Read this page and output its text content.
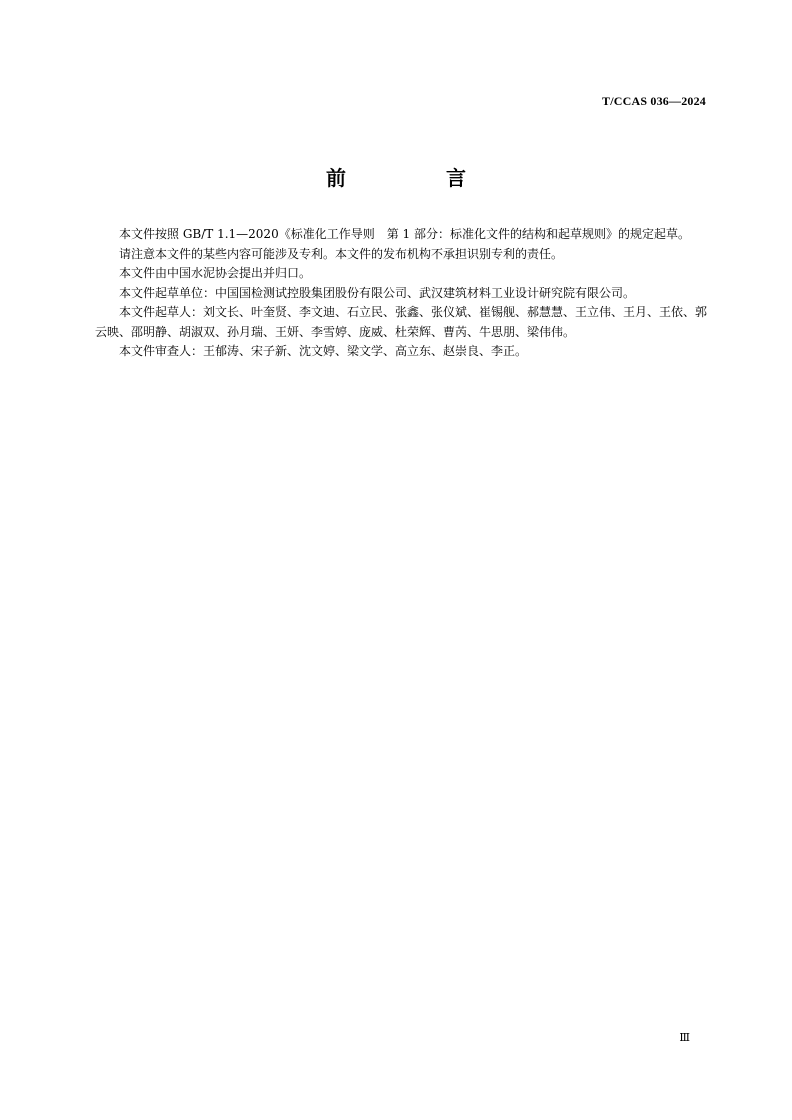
T/CCAS 036—2024
前　言

本文件按照 GB/T 1.1—2020《标准化工作导则　第 1 部分：标准化文件的结构和起草规则》的规定起草。

请注意本文件的某些内容可能涉及专利。本文件的发布机构不承担识别专利的责任。

本文件由中国水泥协会提出并归口。

本文件起草单位：中国国检测试控股集团股份有限公司、武汉建筑材料工业设计研究院有限公司。

本文件起草人：刘文长、叶奎贤、李文迪、石立民、张鑫、张仪斌、崔锡舰、郝慧慧、王立伟、王月、王依、郭云映、邵明静、胡淑双、孙月瑞、王妍、李雪婷、庞威、杜荣辉、曹芮、牛思朋、梁伟伟。

本文件审查人：王郁涛、宋子新、沈文婷、梁文学、高立东、赵崇良、李正。

Ⅲ
